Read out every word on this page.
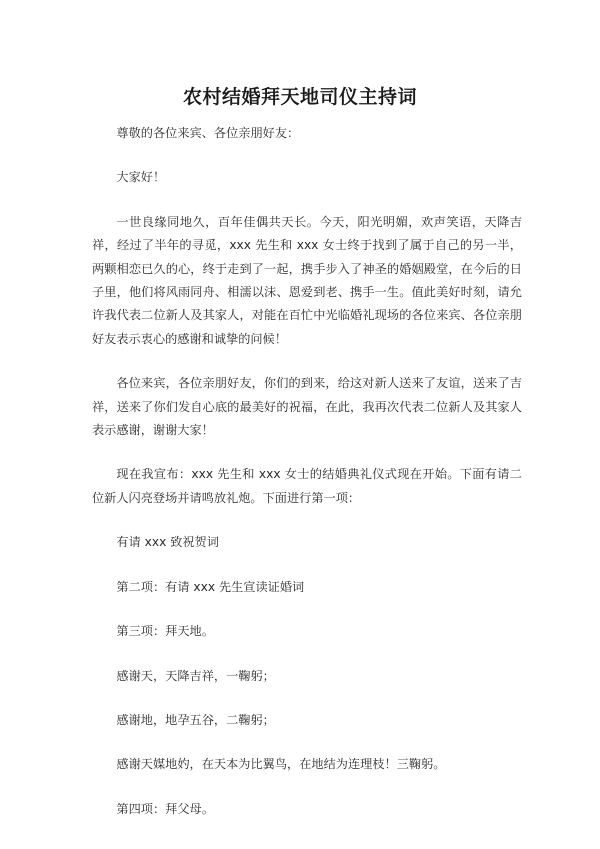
农村结婚拜天地司仪主持词

尊敬的各位来宾、各位亲朋好友：

大家好！

一世良缘同地久，百年佳偶共天长。今天，阳光明媚，欢声笑语，天降吉祥，经过了半年的寻觅，xxx 先生和 xxx 女士终于找到了属于自己的另一半，两颗相恋已久的心，终于走到了一起，携手步入了神圣的婚姻殿堂，在今后的日子里，他们将风雨同舟、相濡以沫、恩爱到老、携手一生。值此美好时刻，请允许我代表二位新人及其家人，对能在百忙中光临婚礼现场的各位来宾、各位亲朋好友表示衷心的感谢和诚挚的问候！

各位来宾，各位亲朋好友，你们的到来，给这对新人送来了友谊，送来了吉祥，送来了你们发自心底的最美好的祝福，在此，我再次代表二位新人及其家人表示感谢，谢谢大家！

现在我宣布：xxx 先生和 xxx 女士的结婚典礼仪式现在开始。下面有请二位新人闪亮登场并请鸣放礼炮。下面进行第一项：

有请 xxx 致祝贺词

第二项：有请 xxx 先生宣读证婚词

第三项：拜天地。

感谢天，天降吉祥，一鞠躬；

感谢地，地孕五谷，二鞠躬；

感谢天媒地妁，在天本为比翼鸟，在地结为连理枝！三鞠躬。

第四项：拜父母。
